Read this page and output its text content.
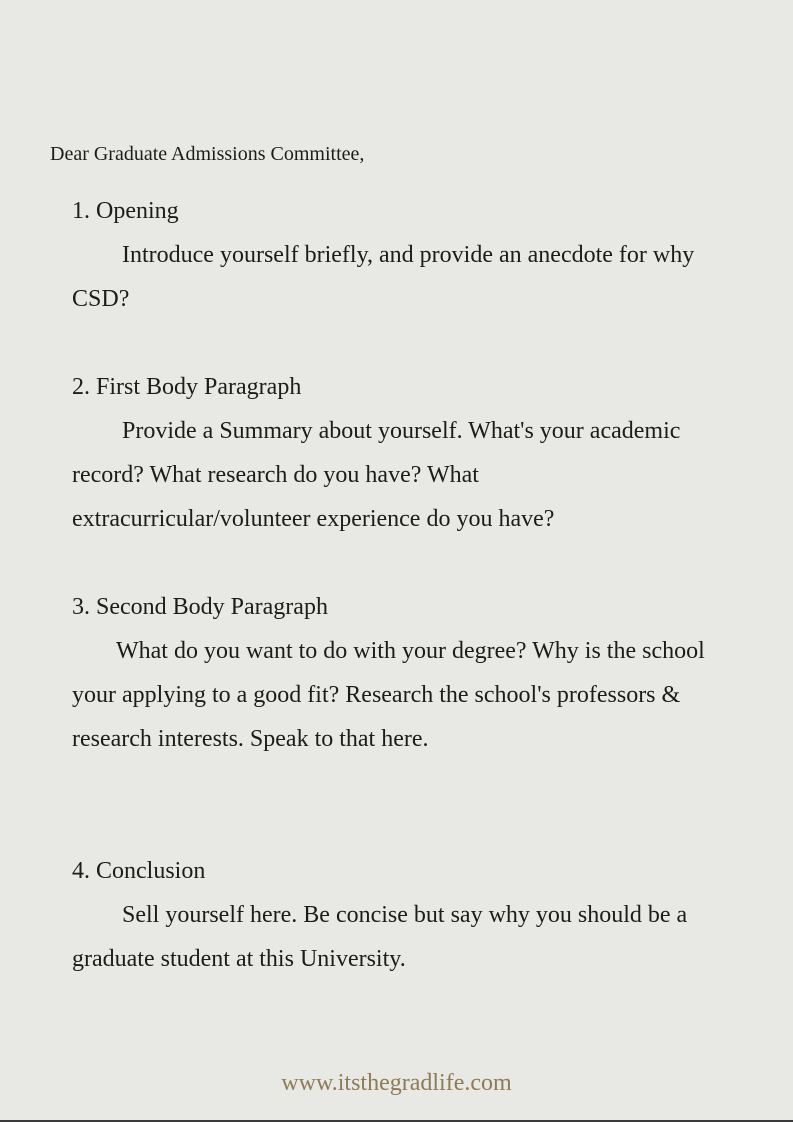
Dear Graduate Admissions Committee,
1. Opening
Introduce yourself briefly, and provide an anecdote for why CSD?
2. First Body Paragraph
Provide a Summary about yourself. What's your academic record? What research do you have? What extracurricular/volunteer experience do you have?
3. Second Body Paragraph
What do you want to do with your degree? Why is the school your applying to a good fit? Research the school's professors & research interests. Speak to that here.
4. Conclusion
Sell yourself here. Be concise but say why you should be a graduate student at this University.
www.itsthegradlife.com
